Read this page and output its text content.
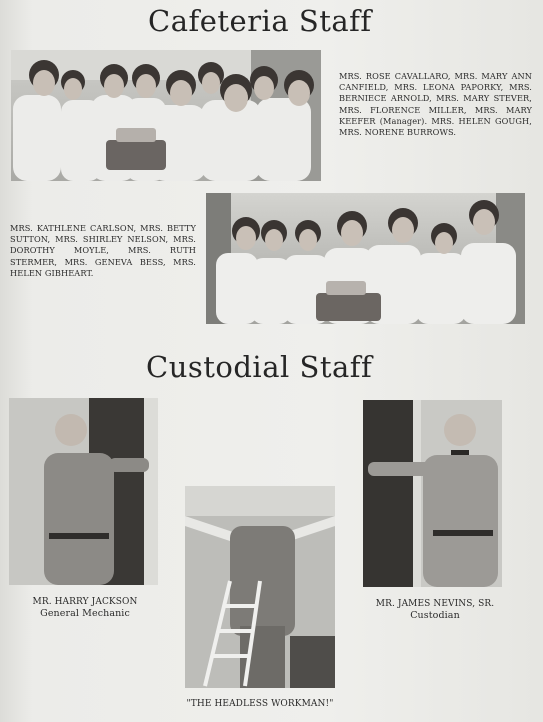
Cafeteria Staff

MRS. ROSE CAVALLARO, MRS. MARY ANN CANFIELD, MRS. LEONA PAPORKY, MRS. BERNIECE ARNOLD, MRS. MARY STEVER, MRS. FLORENCE MILLER, MRS. MARY KEEFER (Manager). MRS. HELEN GOUGH, MRS. NORENE BURROWS.

MRS. KATHLENE CARLSON, MRS. BETTY SUTTON, MRS. SHIRLEY NELSON, MRS. DOROTHY MOYLE, MRS. RUTH STERMER, MRS. GENEVA BESS, MRS. HELEN GIBHEART.

Custodial Staff

MR. HARRY JACKSON
General Mechanic

MR. JAMES NEVINS, SR.
Custodian

"THE HEADLESS WORKMAN!"
